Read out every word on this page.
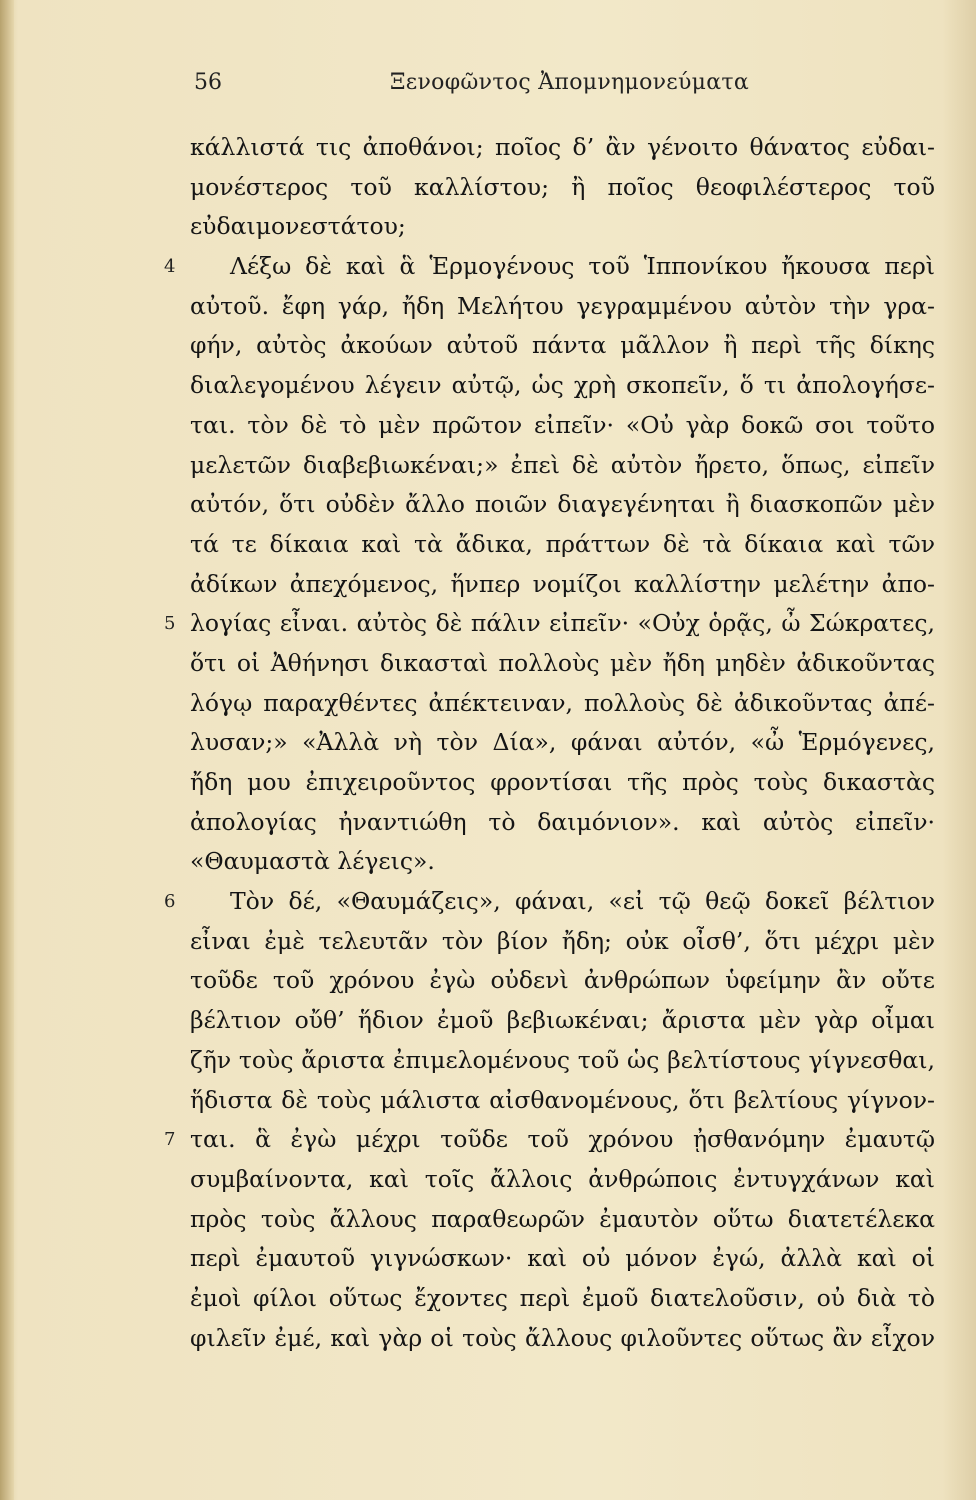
56	Ξενοφῶντος Ἀπομνημονεύματα
κάλλιστά τις ἀποθάνοι; ποῖος δ’ ἂν γένοιτο θάνατος εὐδαι-
μονέστερος τοῦ καλλίστου; ἢ ποῖος θεοφιλέστερος τοῦ
εὐδαιμονεστάτου;
4 Λέξω δὲ καὶ ἃ Ἑρμογένους τοῦ Ἱππονίκου ἤκουσα περὶ
αὐτοῦ. ἔφη γάρ, ἤδη Μελήτου γεγραμμένου αὐτὸν τὴν γρα-
φήν, αὐτὸς ἀκούων αὐτοῦ πάντα μᾶλλον ἢ περὶ τῆς δίκης
διαλεγομένου λέγειν αὐτῷ, ὡς χρὴ σκοπεῖν, ὅ τι ἀπολογήσε-
ται. τὸν δὲ τὸ μὲν πρῶτον εἰπεῖν· «Οὐ γὰρ δοκῶ σοι τοῦτο
μελετῶν διαβεβιωκέναι;» ἐπεὶ δὲ αὐτὸν ἤρετο, ὅπως, εἰπεῖν
αὐτόν, ὅτι οὐδὲν ἄλλο ποιῶν διαγεγένηται ἢ διασκοπῶν μὲν
τά τε δίκαια καὶ τὰ ἄδικα, πράττων δὲ τὰ δίκαια καὶ τῶν
ἀδίκων ἀπεχόμενος, ἥνπερ νομίζοι καλλίστην μελέτην ἀπο-
5 λογίας εἶναι. αὐτὸς δὲ πάλιν εἰπεῖν· «Οὐχ ὁρᾷς, ὦ Σώκρατες,
ὅτι οἱ Ἀθήνησι δικασταὶ πολλοὺς μὲν ἤδη μηδὲν ἀδικοῦντας
λόγῳ παραχθέντες ἀπέκτειναν, πολλοὺς δὲ ἀδικοῦντας ἀπέ-
λυσαν;» «Ἀλλὰ νὴ τὸν Δία», φάναι αὐτόν, «ὦ Ἑρμόγενες,
ἤδη μου ἐπιχειροῦντος φροντίσαι τῆς πρὸς τοὺς δικαστὰς
ἀπολογίας ἠναντιώθη τὸ δαιμόνιον». καὶ αὐτὸς εἰπεῖν·
«Θαυμαστὰ λέγεις».
6 Τὸν δέ, «Θαυμάζεις», φάναι, «εἰ τῷ θεῷ δοκεῖ βέλτιον
εἶναι ἐμὲ τελευτᾶν τὸν βίον ἤδη; οὐκ οἶσθ’, ὅτι μέχρι μὲν
τοῦδε τοῦ χρόνου ἐγὼ οὐδενὶ ἀνθρώπων ὑφείμην ἂν οὔτε
βέλτιον οὔθ’ ἥδιον ἐμοῦ βεβιωκέναι; ἄριστα μὲν γὰρ οἶμαι
ζῆν τοὺς ἄριστα ἐπιμελομένους τοῦ ὡς βελτίστους γίγνεσθαι,
ἥδιστα δὲ τοὺς μάλιστα αἰσθανομένους, ὅτι βελτίους γίγνον-
7 ται. ἃ ἐγὼ μέχρι τοῦδε τοῦ χρόνου ᾐσθανόμην ἐμαυτῷ
συμβαίνοντα, καὶ τοῖς ἄλλοις ἀνθρώποις ἐντυγχάνων καὶ
πρὸς τοὺς ἄλλους παραθεωρῶν ἐμαυτὸν οὕτω διατετέλεκα
περὶ ἐμαυτοῦ γιγνώσκων· καὶ οὐ μόνον ἐγώ, ἀλλὰ καὶ οἱ
ἐμοὶ φίλοι οὕτως ἔχοντες περὶ ἐμοῦ διατελοῦσιν, οὐ διὰ τὸ
φιλεῖν ἐμέ, καὶ γὰρ οἱ τοὺς ἄλλους φιλοῦντες οὕτως ἂν εἶχον
